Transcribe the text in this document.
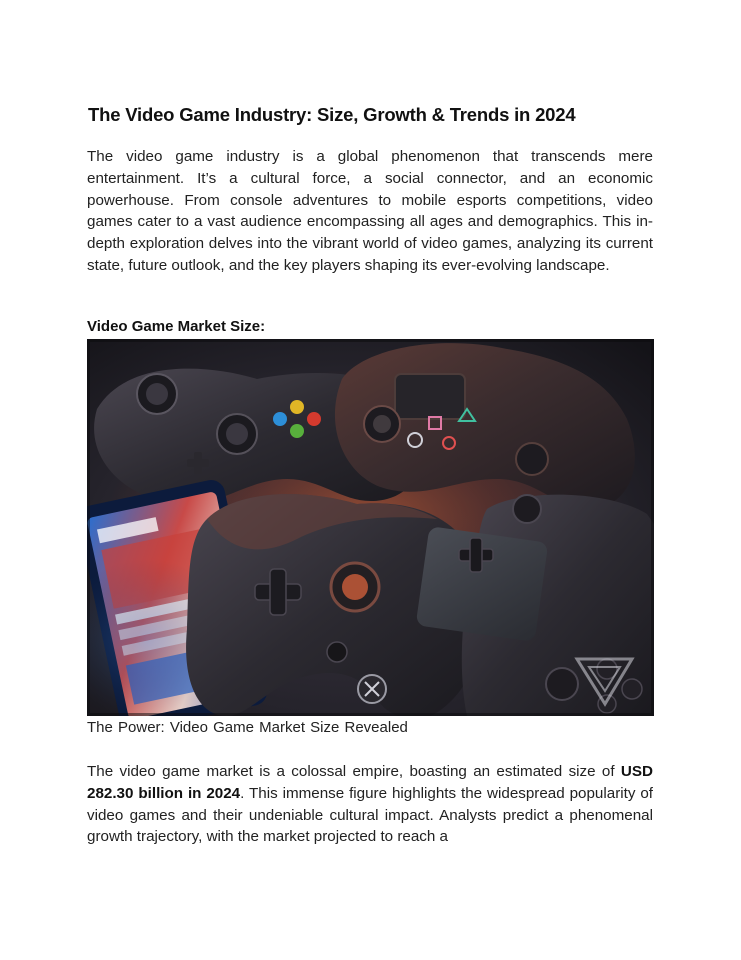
The Video Game Industry: Size, Growth & Trends in 2024

The video game industry is a global phenomenon that transcends mere entertainment. It’s a cultural force, a social connector, and an economic powerhouse. From console adventures to mobile esports competitions, video games cater to a vast audience encompassing all ages and demographics. This in-depth exploration delves into the vibrant world of video games, analyzing its current state, future outlook, and the key players shaping its ever-evolving landscape.

Video Game Market Size:

The Power: Video Game Market Size Revealed

The video game market is a colossal empire, boasting an estimated size of USD 282.30 billion in 2024. This immense figure highlights the widespread popularity of video games and their undeniable cultural impact. Analysts predict a phenomenal growth trajectory, with the market projected to reach a
